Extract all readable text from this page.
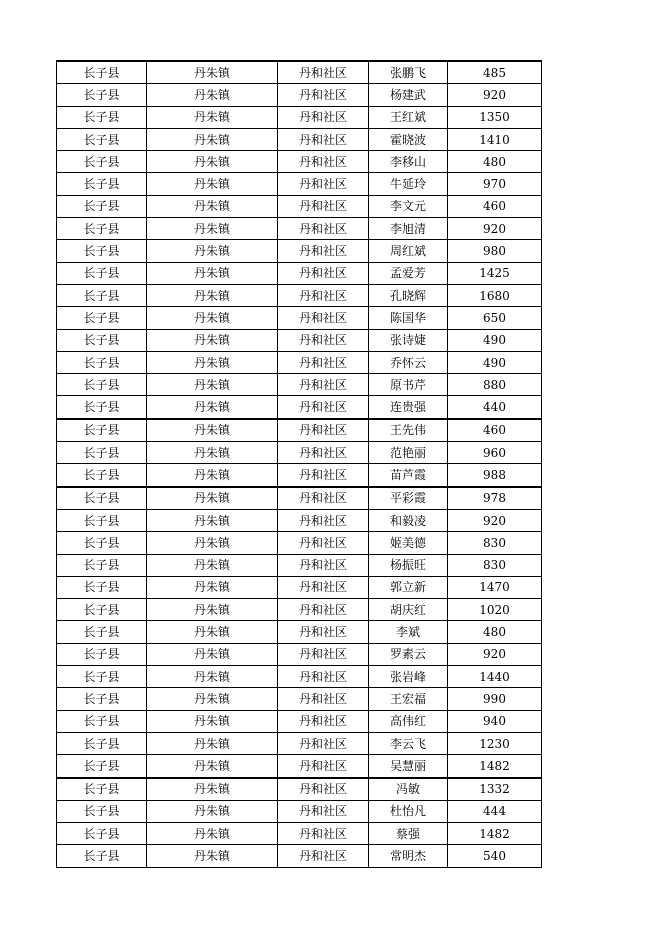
长子县	丹朱镇	丹和社区	张鹏飞	485
长子县	丹朱镇	丹和社区	杨建武	920
长子县	丹朱镇	丹和社区	王红斌	1350
长子县	丹朱镇	丹和社区	霍晓波	1410
长子县	丹朱镇	丹和社区	李移山	480
长子县	丹朱镇	丹和社区	牛延玲	970
长子县	丹朱镇	丹和社区	李文元	460
长子县	丹朱镇	丹和社区	李旭清	920
长子县	丹朱镇	丹和社区	周红斌	980
长子县	丹朱镇	丹和社区	孟爱芳	1425
长子县	丹朱镇	丹和社区	孔晓辉	1680
长子县	丹朱镇	丹和社区	陈国华	650
长子县	丹朱镇	丹和社区	张诗婕	490
长子县	丹朱镇	丹和社区	乔怀云	490
长子县	丹朱镇	丹和社区	原书芹	880
长子县	丹朱镇	丹和社区	连贵强	440
长子县	丹朱镇	丹和社区	王先伟	460
长子县	丹朱镇	丹和社区	范艳丽	960
长子县	丹朱镇	丹和社区	苗芦霞	988
长子县	丹朱镇	丹和社区	平彩霞	978
长子县	丹朱镇	丹和社区	和毅凌	920
长子县	丹朱镇	丹和社区	姬美德	830
长子县	丹朱镇	丹和社区	杨振旺	830
长子县	丹朱镇	丹和社区	郭立新	1470
长子县	丹朱镇	丹和社区	胡庆红	1020
长子县	丹朱镇	丹和社区	李斌	480
长子县	丹朱镇	丹和社区	罗素云	920
长子县	丹朱镇	丹和社区	张岩峰	1440
长子县	丹朱镇	丹和社区	王宏福	990
长子县	丹朱镇	丹和社区	高伟红	940
长子县	丹朱镇	丹和社区	李云飞	1230
长子县	丹朱镇	丹和社区	吴慧丽	1482
长子县	丹朱镇	丹和社区	冯敏	1332
长子县	丹朱镇	丹和社区	杜怡凡	444
长子县	丹朱镇	丹和社区	蔡强	1482
长子县	丹朱镇	丹和社区	常明杰	540
